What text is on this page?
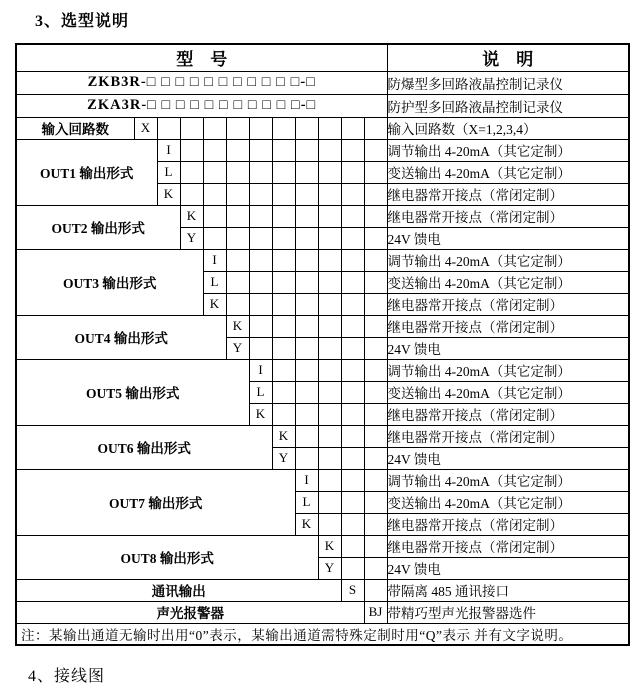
3、选型说明
型　号												说　明
ZKB3R-□ □ □ □ □ □ □ □ □ □ □-□												防爆型多回路液晶控制记录仪
ZKA3R-□ □ □ □ □ □ □ □ □ □ □-□												防护型多回路液晶控制记录仪
输入回路数	X											输入回路数（X=1,2,3,4）
OUT1 输出形式		I										调节输出 4-20mA（其它定制）
		L										变送输出 4-20mA（其它定制）
		K										继电器常开接点（常闭定制）
OUT2 输出形式			K									继电器常开接点（常闭定制）
			Y									24V 馈电
OUT3 输出形式				I								调节输出 4-20mA（其它定制）
				L								变送输出 4-20mA（其它定制）
				K								继电器常开接点（常闭定制）
OUT4 输出形式					K							继电器常开接点（常闭定制）
					Y							24V 馈电
OUT5 输出形式						I						调节输出 4-20mA（其它定制）
						L						变送输出 4-20mA（其它定制）
						K						继电器常开接点（常闭定制）
OUT6 输出形式							K					继电器常开接点（常闭定制）
							Y					24V 馈电
OUT7 输出形式								I				调节输出 4-20mA（其它定制）
								L				变送输出 4-20mA（其它定制）
								K				继电器常开接点（常闭定制）
OUT8 输出形式									K			继电器常开接点（常闭定制）
									Y			24V 馈电
通讯输出										S		带隔离 485 通讯接口
声光报警器											BJ	带精巧型声光报警器选件
注：某输出通道无输时出用“0”表示，某输出通道需特殊定制时用“Q”表示 并有文字说明。												
4、接线图
